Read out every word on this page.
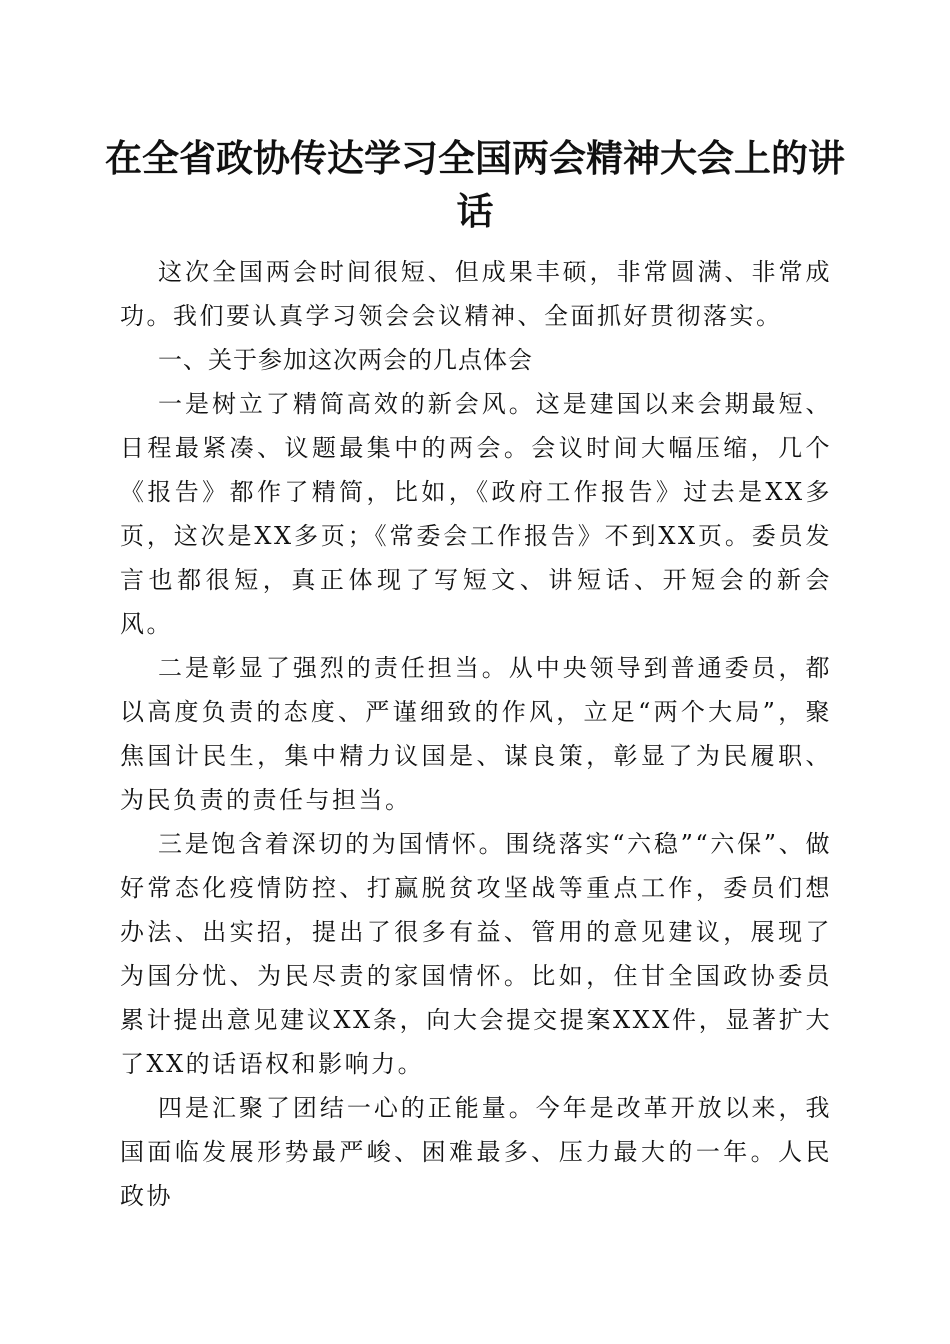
在全省政协传达学习全国两会精神大会上的讲话

这次全国两会时间很短、但成果丰硕，非常圆满、非常成功。我们要认真学习领会会议精神、全面抓好贯彻落实。

一、关于参加这次两会的几点体会

一是树立了精简高效的新会风。这是建国以来会期最短、日程最紧凑、议题最集中的两会。会议时间大幅压缩，几个《报告》都作了精简，比如，《政府工作报告》过去是XX多页，这次是XX多页；《常委会工作报告》不到XX页。委员发言也都很短，真正体现了写短文、讲短话、开短会的新会风。

二是彰显了强烈的责任担当。从中央领导到普通委员，都以高度负责的态度、严谨细致的作风，立足“两个大局”，聚焦国计民生，集中精力议国是、谋良策，彰显了为民履职、为民负责的责任与担当。

三是饱含着深切的为国情怀。围绕落实“六稳”“六保”、做好常态化疫情防控、打赢脱贫攻坚战等重点工作，委员们想办法、出实招，提出了很多有益、管用的意见建议，展现了为国分忧、为民尽责的家国情怀。比如，住甘全国政协委员累计提出意见建议XX条，向大会提交提案XXX件，显著扩大了XX的话语权和影响力。

四是汇聚了团结一心的正能量。今年是改革开放以来，我国面临发展形势最严峻、困难最多、压力最大的一年。人民政协
